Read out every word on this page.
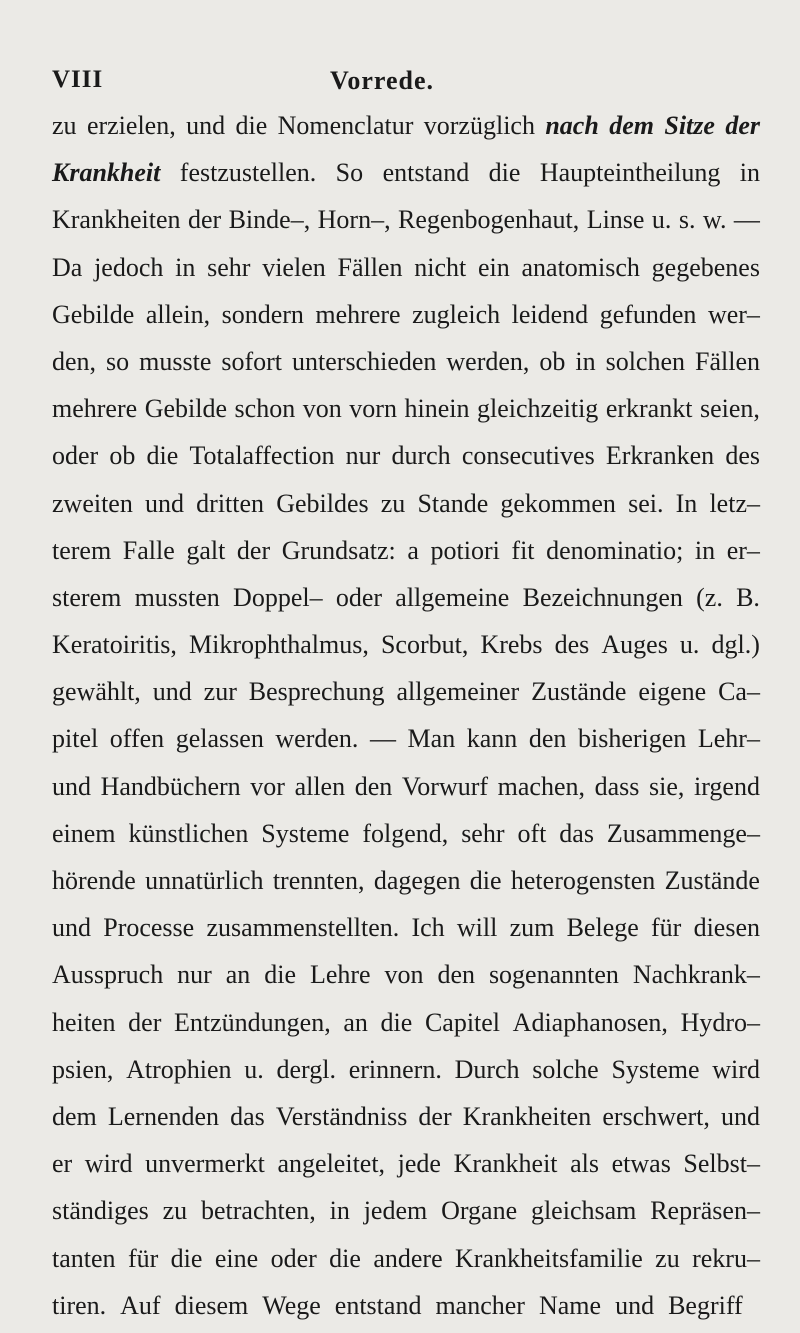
VIII	Vorrede.
zu erzielen, und die Nomenclatur vorzüglich nach dem Sitze der
Krankheit festzustellen. So entstand die Haupteintheilung in
Krankheiten der Binde–, Horn–, Regenbogenhaut, Linse u. s. w. —
Da jedoch in sehr vielen Fällen nicht ein anatomisch gegebenes
Gebilde allein, sondern mehrere zugleich leidend gefunden wer–
den, so musste sofort unterschieden werden, ob in solchen Fällen
mehrere Gebilde schon von vorn hinein gleichzeitig erkrankt seien,
oder ob die Totalaffection nur durch consecutives Erkranken des
zweiten und dritten Gebildes zu Stande gekommen sei. In letz–
terem Falle galt der Grundsatz: a potiori fit denominatio; in er–
sterem mussten Doppel– oder allgemeine Bezeichnungen (z. B.
Keratoiritis, Mikrophthalmus, Scorbut, Krebs des Auges u. dgl.)
gewählt, und zur Besprechung allgemeiner Zustände eigene Ca–
pitel offen gelassen werden. — Man kann den bisherigen Lehr–
und Handbüchern vor allen den Vorwurf machen, dass sie, irgend
einem künstlichen Systeme folgend, sehr oft das Zusammenge–
hörende unnatürlich trennten, dagegen die heterogensten Zustände
und Processe zusammenstellten. Ich will zum Belege für diesen
Ausspruch nur an die Lehre von den sogenannten Nachkrank–
heiten der Entzündungen, an die Capitel Adiaphanosen, Hydro–
psien, Atrophien u. dergl. erinnern. Durch solche Systeme wird
dem Lernenden das Verständniss der Krankheiten erschwert, und
er wird unvermerkt angeleitet, jede Krankheit als etwas Selbst–
ständiges zu betrachten, in jedem Organe gleichsam Repräsen–
tanten für die eine oder die andere Krankheitsfamilie zu rekru–
tiren. Auf diesem Wege entstand mancher Name und Begriff
